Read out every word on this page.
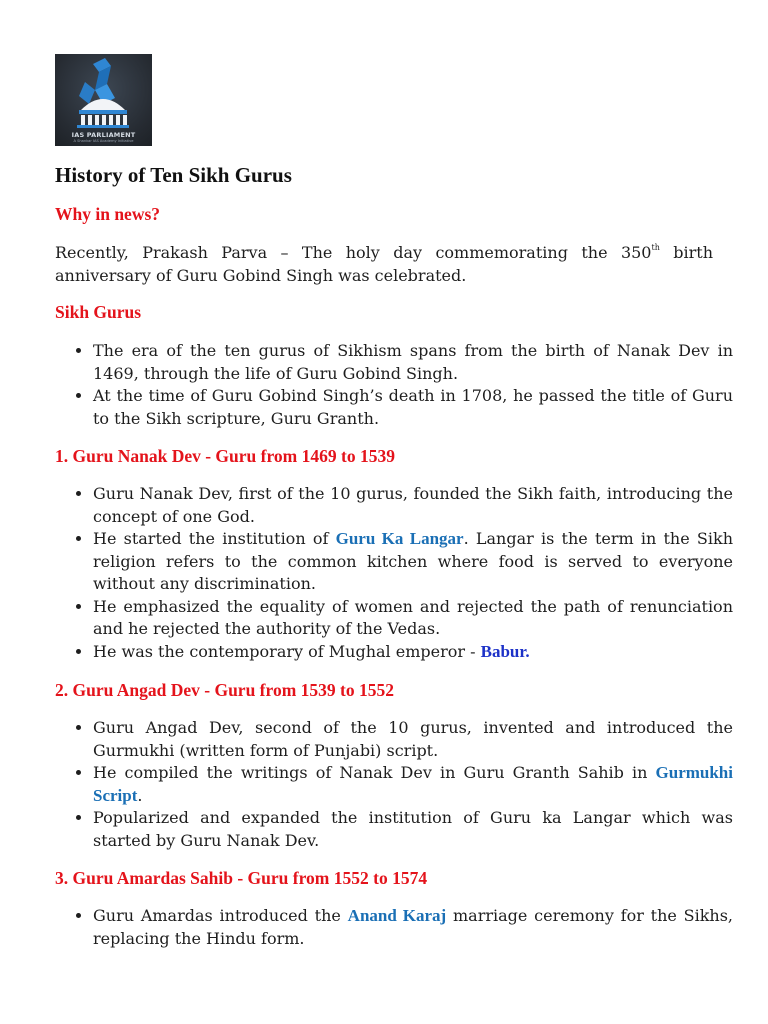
IAS PARLIAMENT
A Shankar IAS Academy Initiative
History of Ten Sikh Gurus
Why in news?

Recently, Prakash Parva – The holy day commemorating the 350th birth anniversary of Guru Gobind Singh was celebrated.

Sikh Gurus
• The era of the ten gurus of Sikhism spans from the birth of Nanak Dev in 1469, through the life of Guru Gobind Singh.
• At the time of Guru Gobind Singh’s death in 1708, he passed the title of Guru to the Sikh scripture, Guru Granth.
1. Guru Nanak Dev - Guru from 1469 to 1539
• Guru Nanak Dev, first of the 10 gurus, founded the Sikh faith, introducing the concept of one God.
• He started the institution of Guru Ka Langar. Langar is the term in the Sikh religion refers to the common kitchen where food is served to everyone without any discrimination.
• He emphasized the equality of women and rejected the path of renunciation and he rejected the authority of the Vedas.
• He was the contemporary of Mughal emperor - Babur.
2. Guru Angad Dev - Guru from 1539 to 1552
• Guru Angad Dev, second of the 10 gurus, invented and introduced the Gurmukhi (written form of Punjabi) script.
• He compiled the writings of Nanak Dev in Guru Granth Sahib in Gurmukhi Script.
• Popularized and expanded the institution of Guru ka Langar which was started by Guru Nanak Dev.
3. Guru Amardas Sahib - Guru from 1552 to 1574
• Guru Amardas introduced the Anand Karaj marriage ceremony for the Sikhs, replacing the Hindu form.
